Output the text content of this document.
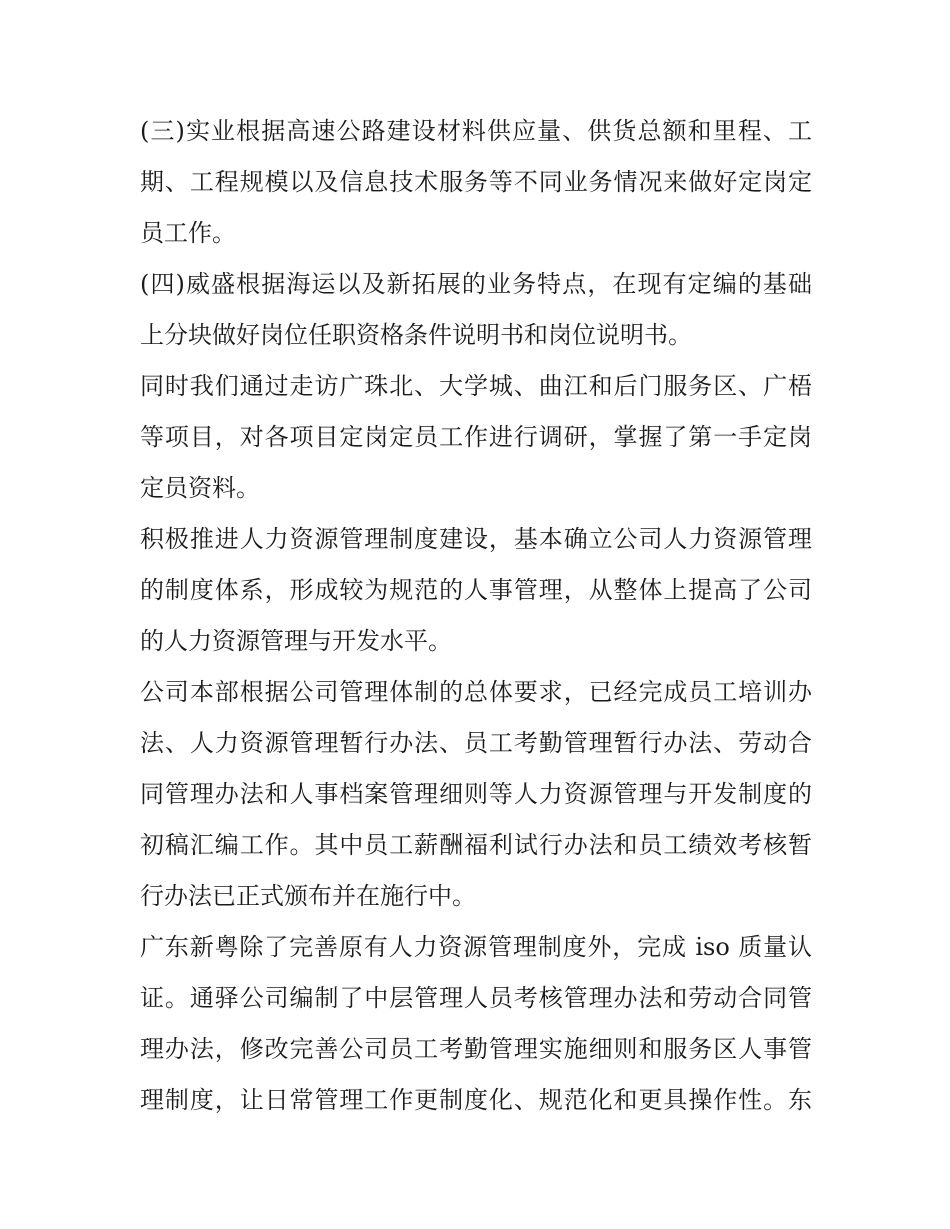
(三)实业根据高速公路建设材料供应量、供货总额和里程、工
期、工程规模以及信息技术服务等不同业务情况来做好定岗定
员工作。
(四)威盛根据海运以及新拓展的业务特点，在现有定编的基础
上分块做好岗位任职资格条件说明书和岗位说明书。
同时我们通过走访广珠北、大学城、曲江和后门服务区、广梧
等项目，对各项目定岗定员工作进行调研，掌握了第一手定岗
定员资料。
积极推进人力资源管理制度建设，基本确立公司人力资源管理
的制度体系，形成较为规范的人事管理，从整体上提高了公司
的人力资源管理与开发水平。
公司本部根据公司管理体制的总体要求，已经完成员工培训办
法、人力资源管理暂行办法、员工考勤管理暂行办法、劳动合
同管理办法和人事档案管理细则等人力资源管理与开发制度的
初稿汇编工作。其中员工薪酬福利试行办法和员工绩效考核暂
行办法已正式颁布并在施行中。
广东新粤除了完善原有人力资源管理制度外，完成 iso 质量认
证。通驿公司编制了中层管理人员考核管理办法和劳动合同管
理办法，修改完善公司员工考勤管理实施细则和服务区人事管
理制度，让日常管理工作更制度化、规范化和更具操作性。东
